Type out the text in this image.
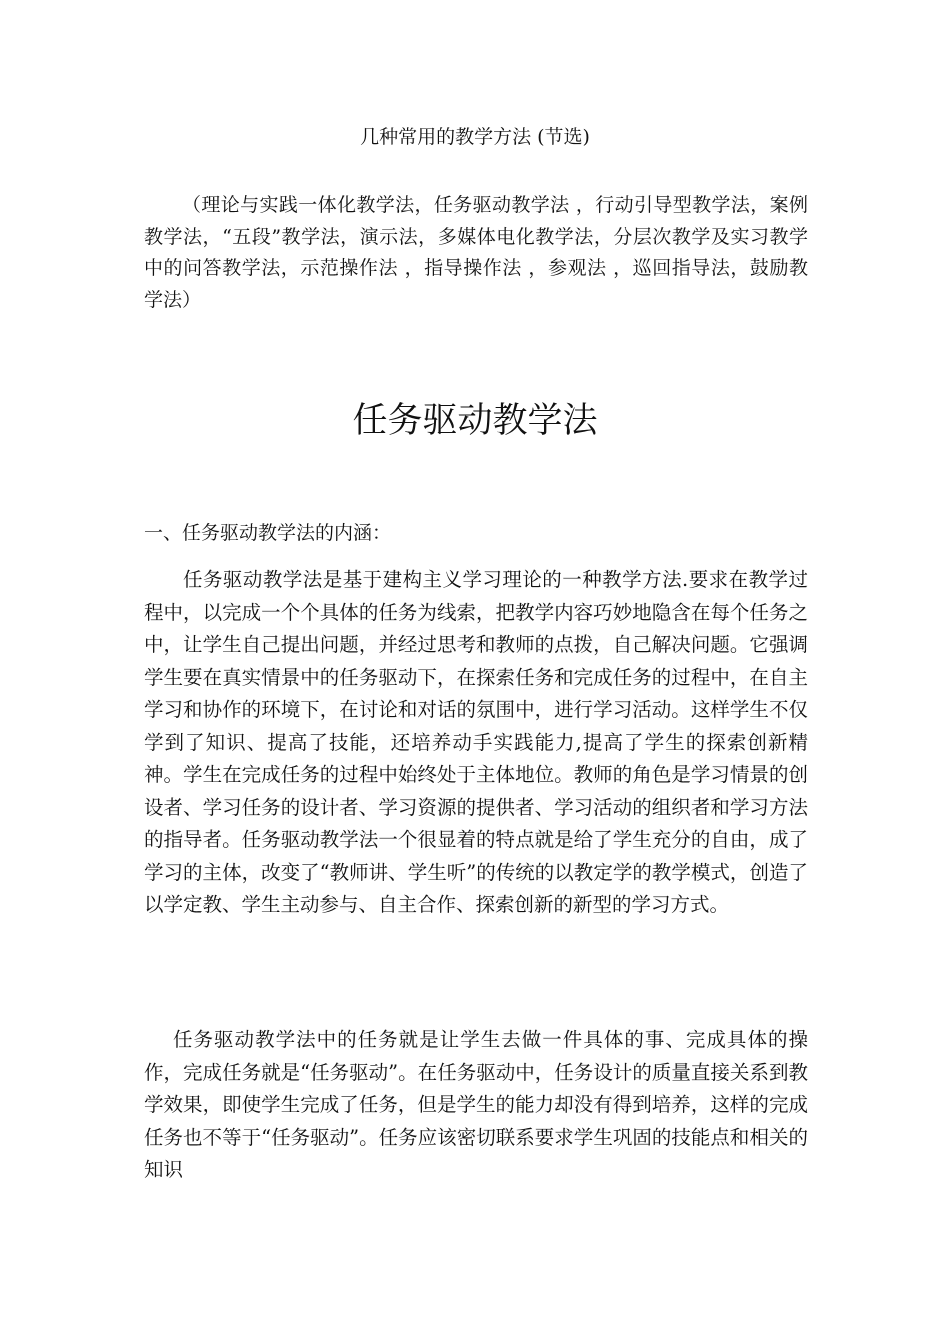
几种常用的教学方法 (节选)

（理论与实践一体化教学法，任务驱动教学法 ，行动引导型教学法，案例教学法，“五段”教学法，演示法，多媒体电化教学法，分层次教学及实习教学中的问答教学法，示范操作法 ，指导操作法 ，参观法 ，巡回指导法，鼓励教学法）

任务驱动教学法
一、任务驱动教学法的内涵：

任务驱动教学法是基于建构主义学习理论的一种教学方法.要求在教学过程中，以完成一个个具体的任务为线索，把教学内容巧妙地隐含在每个任务之中，让学生自己提出问题，并经过思考和教师的点拨，自己解决问题。它强调学生要在真实情景中的任务驱动下，在探索任务和完成任务的过程中，在自主学习和协作的环境下，在讨论和对话的氛围中，进行学习活动。这样学生不仅学到了知识、提高了技能，还培养动手实践能力,提高了学生的探索创新精神。学生在完成任务的过程中始终处于主体地位。教师的角色是学习情景的创设者、学习任务的设计者、学习资源的提供者、学习活动的组织者和学习方法的指导者。任务驱动教学法一个很显着的特点就是给了学生充分的自由，成了学习的主体，改变了“教师讲、学生听”的传统的以教定学的教学模式，创造了以学定教、学生主动参与、自主合作、探索创新的新型的学习方式。

任务驱动教学法中的任务就是让学生去做一件具体的事、完成具体的操作，完成任务就是“任务驱动”。在任务驱动中，任务设计的质量直接关系到教学效果，即使学生完成了任务，但是学生的能力却没有得到培养，这样的完成任务也不等于“任务驱动”。任务应该密切联系要求学生巩固的技能点和相关的知识
